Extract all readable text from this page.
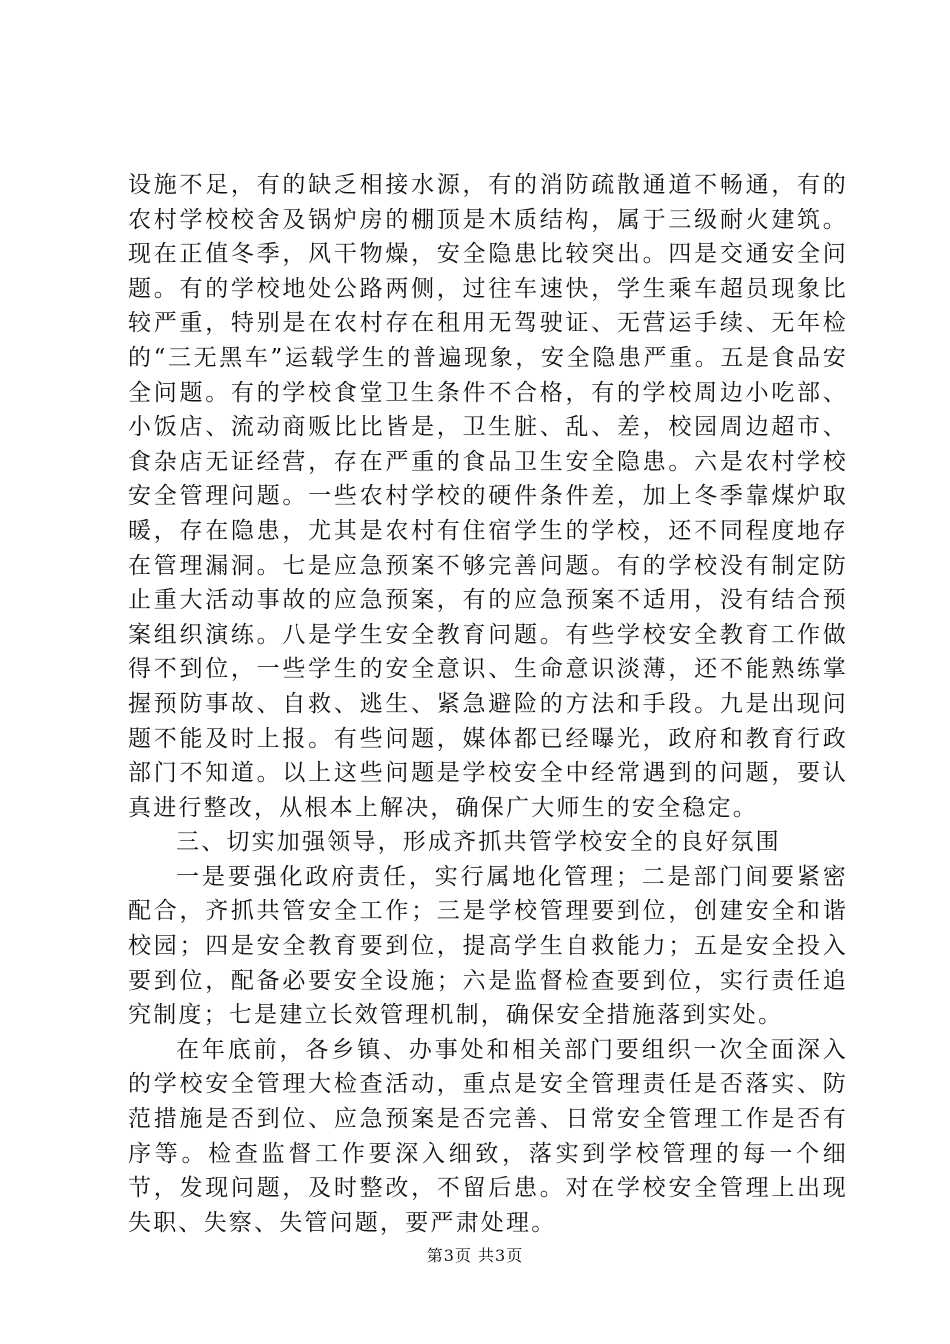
设施不足，有的缺乏相接水源，有的消防疏散通道不畅通，有的农村学校校舍及锅炉房的棚顶是木质结构，属于三级耐火建筑。现在正值冬季，风干物燥，安全隐患比较突出。四是交通安全问题。有的学校地处公路两侧，过往车速快，学生乘车超员现象比较严重，特别是在农村存在租用无驾驶证、无营运手续、无年检的“三无黑车”运载学生的普遍现象，安全隐患严重。五是食品安全问题。有的学校食堂卫生条件不合格，有的学校周边小吃部、小饭店、流动商贩比比皆是，卫生脏、乱、差，校园周边超市、食杂店无证经营，存在严重的食品卫生安全隐患。六是农村学校安全管理问题。一些农村学校的硬件条件差，加上冬季靠煤炉取暖，存在隐患，尤其是农村有住宿学生的学校，还不同程度地存在管理漏洞。七是应急预案不够完善问题。有的学校没有制定防止重大活动事故的应急预案，有的应急预案不适用，没有结合预案组织演练。八是学生安全教育问题。有些学校安全教育工作做得不到位，一些学生的安全意识、生命意识淡薄，还不能熟练掌握预防事故、自救、逃生、紧急避险的方法和手段。九是出现问题不能及时上报。有些问题，媒体都已经曝光，政府和教育行政部门不知道。以上这些问题是学校安全中经常遇到的问题，要认真进行整改，从根本上解决，确保广大师生的安全稳定。

三、切实加强领导，形成齐抓共管学校安全的良好氛围

一是要强化政府责任，实行属地化管理；二是部门间要紧密配合，齐抓共管安全工作；三是学校管理要到位，创建安全和谐校园；四是安全教育要到位，提高学生自救能力；五是安全投入要到位，配备必要安全设施；六是监督检查要到位，实行责任追究制度；七是建立长效管理机制，确保安全措施落到实处。

在年底前，各乡镇、办事处和相关部门要组织一次全面深入的学校安全管理大检查活动，重点是安全管理责任是否落实、防范措施是否到位、应急预案是否完善、日常安全管理工作是否有序等。检查监督工作要深入细致，落实到学校管理的每一个细节，发现问题，及时整改，不留后患。对在学校安全管理上出现失职、失察、失管问题，要严肃处理。

第3页 共3页
